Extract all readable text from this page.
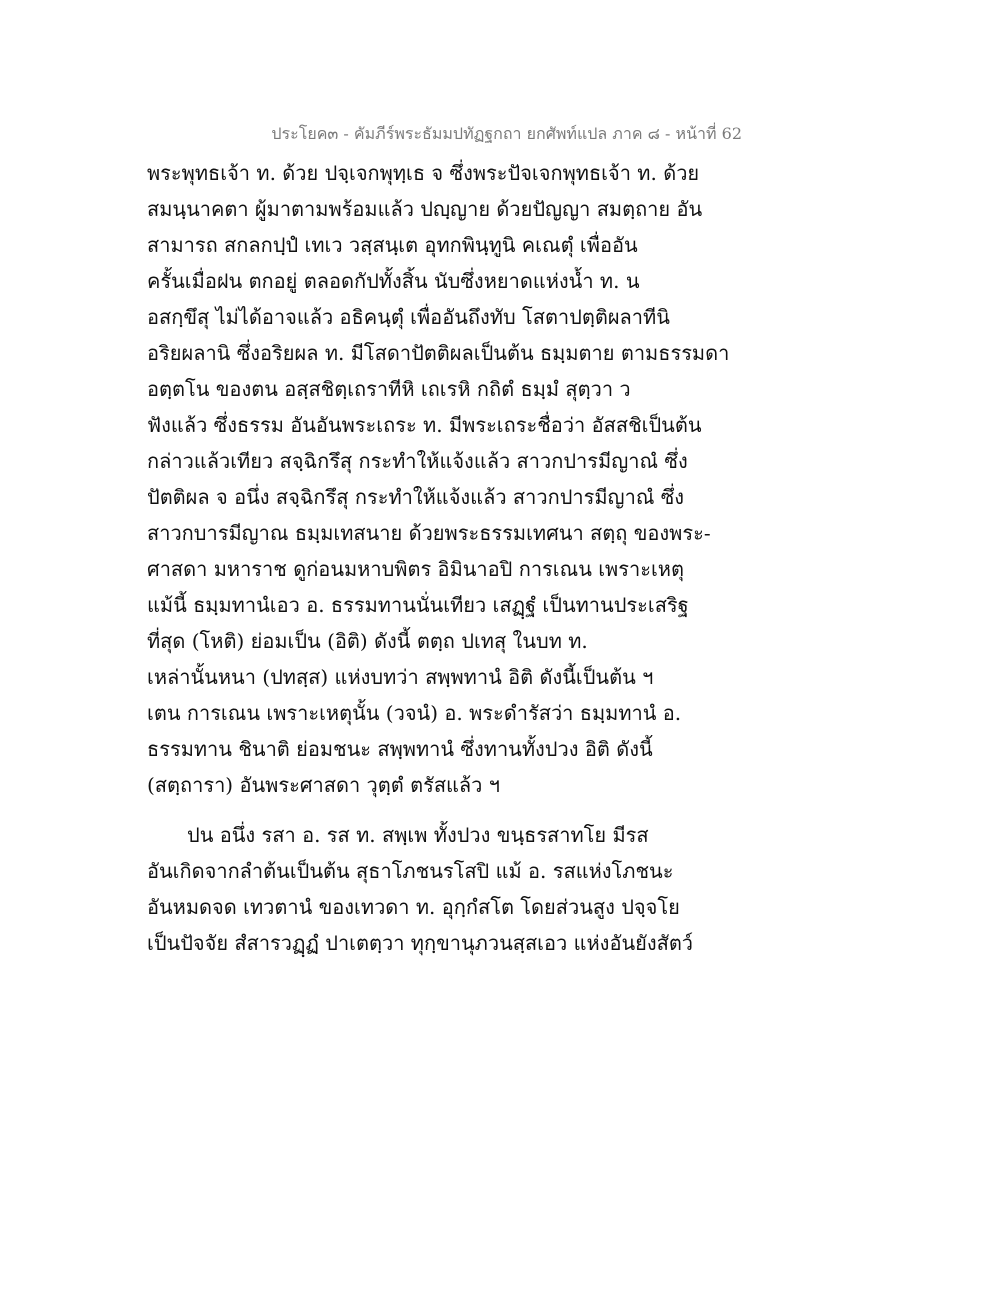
ประโยค๓ - คัมภีร์พระธัมมปทัฏฐกถา ยกศัพท์แปล ภาค ๘ - หน้าที่ 62
พระพุทธเจ้า ท. ด้วย ปจฺเจกพุทฺเธ จ ซึ่งพระปัจเจกพุทธเจ้า ท. ด้วย
สมนฺนาคตา ผู้มาตามพร้อมแล้ว ปญฺญาย ด้วยปัญญา สมตฺถาย อัน
สามารถ สกลกปฺปํ เทเว วสฺสนฺเต อุทกพินฺทูนิ คเณตุํ เพื่ออัน
ครั้นเมื่อฝน ตกอยู่ ตลอดกัปทั้งสิ้น นับซึ่งหยาดแห่งน้ำ ท. น
อสกฺขึสุ ไม่ได้อาจแล้ว อธิคนฺตุํ เพื่ออันถึงทับ โสตาปตฺติผลาทีนิ
อริยผลานิ ซึ่งอริยผล ท. มีโสดาปัตติผลเป็นต้น ธมฺมตาย ตามธรรมดา
อตฺตโน ของตน อสฺสชิตฺเถราทีหิ เถเรหิ กถิตํ ธมฺมํ สุตฺวา ว
ฟังแล้ว ซึ่งธรรม อันอันพระเถระ ท. มีพระเถระชื่อว่า อัสสชิเป็นต้น
กล่าวแล้วเทียว สจฺฉิกรึสุ กระทำให้แจ้งแล้ว สาวกปารมีญาณํ ซึ่ง
ปัตติผล จ อนึ่ง สจฺฉิกรึสุ กระทำให้แจ้งแล้ว สาวกปารมีญาณํ ซึ่ง
สาวกบารมีญาณ ธมฺมเทสนาย ด้วยพระธรรมเทศนา สตฺถุ ของพระ-
ศาสดา มหาราช ดูก่อนมหาบพิตร อิมินาอปิ การเณน เพราะเหตุ
แม้นี้ ธมฺมทานํเอว อ. ธรรมทานนั่นเทียว เสฏฺฐํ เป็นทานประเสริฐ
ที่สุด (โหติ) ย่อมเป็น (อิติ) ดังนี้ ตตฺถ ปเทสุ ในบท ท.
เหล่านั้นหนา (ปทสฺส) แห่งบทว่า สพฺพทานํ อิติ ดังนี้เป็นต้น ฯ
เตน การเณน เพราะเหตุนั้น (วจนํ) อ. พระดำรัสว่า ธมฺมทานํ อ.
ธรรมทาน ชินาติ ย่อมชนะ สพฺพทานํ ซึ่งทานทั้งปวง อิติ ดังนี้
(สตฺถารา) อันพระศาสดา วุตฺตํ ตรัสแล้ว ฯ
ปน อนึ่ง รสา อ. รส ท. สพฺเพ ทั้งปวง ขนฺธรสาทโย มีรส
อันเกิดจากลำต้นเป็นต้น สุธาโภชนรโสปิ แม้ อ. รสแห่งโภชนะ
อันหมดจด เทวตานํ ของเทวดา ท. อุกฺกํสโต โดยส่วนสูง ปจฺจโย
เป็นปัจจัย สํสารวฏฺฏํ ปาเตตฺวา ทุกฺขานุภวนสฺสเอว แห่งอันยังสัตว์
